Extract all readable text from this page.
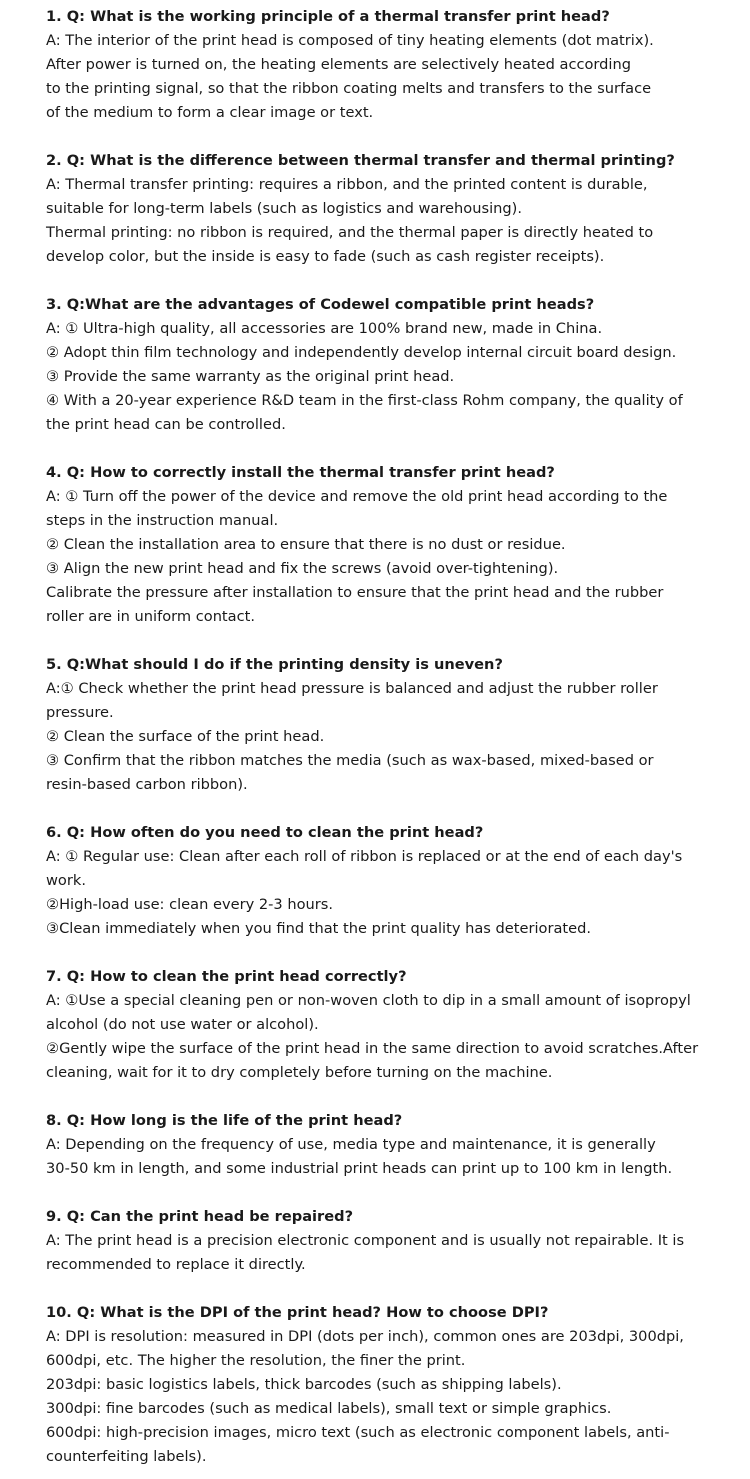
1. Q: What is the working principle of a thermal transfer print head?
A: The interior of the print head is composed of tiny heating elements (dot matrix).
After power is turned on, the heating elements are selectively heated according
to the printing signal, so that the ribbon coating melts and transfers to the surface
of the medium to form a clear image or text.
2. Q: What is the difference between thermal transfer and thermal printing?
A: Thermal transfer printing: requires a ribbon, and the printed content is durable,
suitable for long-term labels (such as logistics and warehousing).
Thermal printing: no ribbon is required, and the thermal paper is directly heated to
develop color, but the inside is easy to fade (such as cash register receipts).
3. Q:What are the advantages of Codewel compatible print heads?
A: ① Ultra-high quality, all accessories are 100% brand new, made in China.
② Adopt thin film technology and independently develop internal circuit board design.
③ Provide the same warranty as the original print head.
④ With a 20-year experience R&D team in the first-class Rohm company, the quality of
the print head can be controlled.
4. Q: How to correctly install the thermal transfer print head?
A: ① Turn off the power of the device and remove the old print head according to the
steps in the instruction manual.
② Clean the installation area to ensure that there is no dust or residue.
③ Align the new print head and fix the screws (avoid over-tightening).
Calibrate the pressure after installation to ensure that the print head and the rubber
roller are in uniform contact.
5. Q:What should I do if the printing density is uneven?
A:① Check whether the print head pressure is balanced and adjust the rubber roller
pressure.
② Clean the surface of the print head.
③ Confirm that the ribbon matches the media (such as wax-based, mixed-based or
resin-based carbon ribbon).
6. Q: How often do you need to clean the print head?
A: ① Regular use: Clean after each roll of ribbon is replaced or at the end of each day's
work.
②High-load use: clean every 2-3 hours.
③Clean immediately when you find that the print quality has deteriorated.
7. Q: How to clean the print head correctly?
A: ①Use a special cleaning pen or non-woven cloth to dip in a small amount of isopropyl
alcohol (do not use water or alcohol).
②Gently wipe the surface of the print head in the same direction to avoid scratches.After
cleaning, wait for it to dry completely before turning on the machine.
8. Q: How long is the life of the print head?
A: Depending on the frequency of use, media type and maintenance, it is generally
30-50 km in length, and some industrial print heads can print up to 100 km in length.
9. Q: Can the print head be repaired?
A: The print head is a precision electronic component and is usually not repairable. It is
recommended to replace it directly.
10. Q: What is the DPI of the print head? How to choose DPI?
A: DPI is resolution: measured in DPI (dots per inch), common ones are 203dpi, 300dpi,
600dpi, etc. The higher the resolution, the finer the print.
203dpi: basic logistics labels, thick barcodes (such as shipping labels).
300dpi: fine barcodes (such as medical labels), small text or simple graphics.
600dpi: high-precision images, micro text (such as electronic component labels, anti-
counterfeiting labels).
